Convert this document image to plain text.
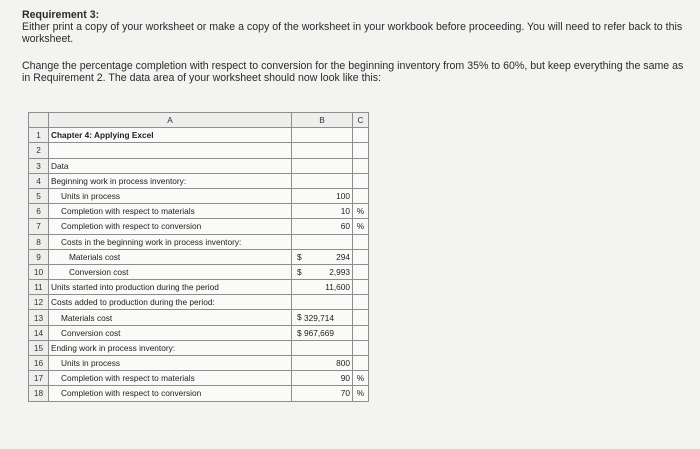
Requirement 3:

Either print a copy of your worksheet or make a copy of the worksheet in your workbook before proceeding. You will need to refer back to this worksheet.

Change the percentage completion with respect to conversion for the beginning inventory from 35% to 60%, but keep everything the same as in Requirement 2. The data area of your worksheet should now look like this:

	A	B	C
1	Chapter 4: Applying Excel		
2			
3	Data		
4	Beginning work in process inventory:		
5	Units in process	100	

6	Completion with respect to materials	10	%
7	Completion with respect to conversion	60	%
8	Costs in the beginning work in process inventory:		
9	Materials cost	$ 294	

10	Conversion cost	$ 2,993	

11	Units started into production during the period	11,600	

12	Costs added to production during the period:		
13	Materials cost	$ 329,714	
14	Conversion cost	$ 967,669	
15	Ending work in process inventory:		
16	Units in process	800	

17	Completion with respect to materials	90	%
18	Completion with respect to conversion	70	%
